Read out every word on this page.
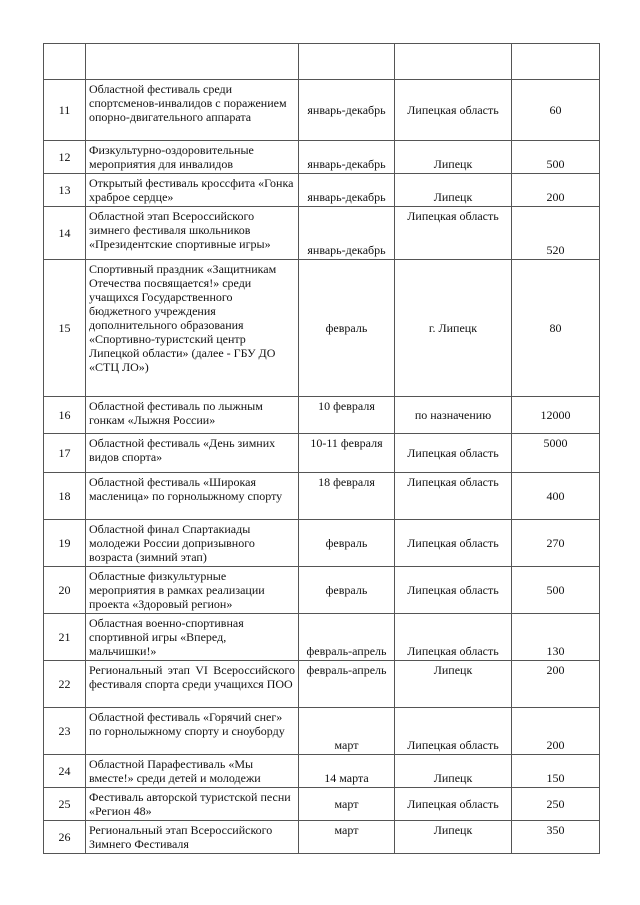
11	Областной фестиваль среди спортсменов-инвалидов с поражением опорно-двигательного аппарата	январь-декабрь	Липецкая область	60
12	Физкультурно-оздоровительные мероприятия для инвалидов	январь-декабрь	Липецк	500
13	Открытый фестиваль кроссфита «Гонка храброе сердце»	январь-декабрь	Липецк	200
14	Областной этап Всероссийского зимнего фестиваля школьников «Президентские спортивные игры»	январь-декабрь	Липецкая область	520
15	Спортивный праздник «Защитникам Отечества посвящается!» среди учащихся Государственного бюджетного учреждения дополнительного образования «Спортивно-туристский центр Липецкой области» (далее - ГБУ ДО «СТЦ ЛО»)	февраль	г. Липецк	80
16	Областной фестиваль по лыжным гонкам «Лыжня России»	10 февраля	по назначению	12000
17	Областной фестиваль «День зимних видов спорта»	10-11 февраля	Липецкая область	5000
18	Областной фестиваль «Широкая масленица» по горнолыжному спорту	18 февраля	Липецкая область	400
19	Областной финал Спартакиады молодежи России допризывного возраста (зимний этап)	февраль	Липецкая область	270
20	Областные физкультурные мероприятия в рамках реализации проекта «Здоровый регион»	февраль	Липецкая область	500
21	Областная военно-спортивная спортивной игры «Вперед, мальчишки!»	февраль-апрель	Липецкая область	130
22	Региональный этап VI Всероссийского фестиваля спорта среди учащихся ПОО	февраль-апрель	Липецк	200
23	Областной фестиваль «Горячий снег» по горнолыжному спорту и сноуборду	март	Липецкая область	200
24	Областной Парафестиваль «Мы вместе!» среди детей и молодежи	14 марта	Липецк	150
25	Фестиваль авторской туристской песни «Регион 48»	март	Липецкая область	250
26	Региональный этап Всероссийского Зимнего Фестиваля	март	Липецк	350
